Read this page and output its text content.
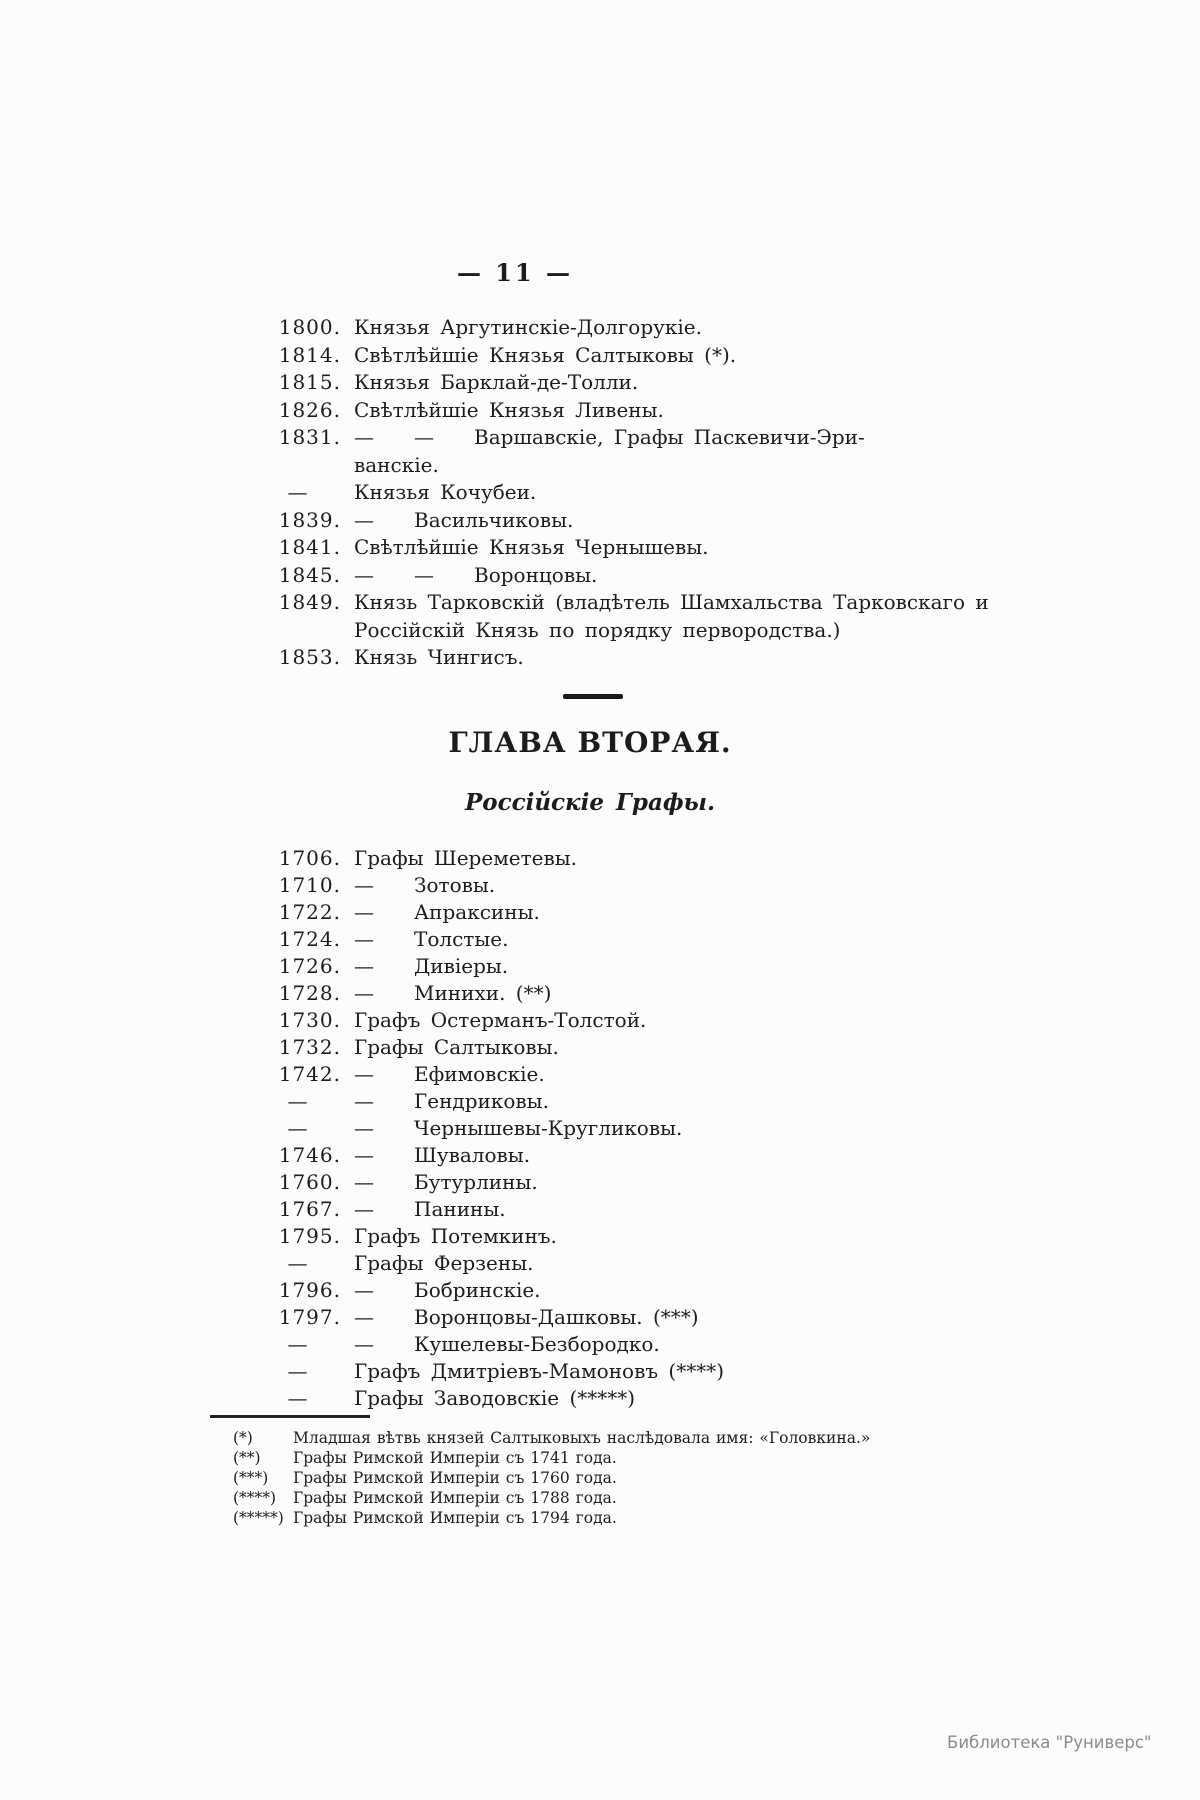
— 11 —
1800. Князья Аргутинскіе-Долгорукіе.
1814. Свѣтлѣйшіе Князья Салтыковы (*).
1815. Князья Барклай-де-Толли.
1826. Свѣтлѣйшіе Князья Ливены.
1831. —  —  Варшавскіе, Графы Паскевичи-Эри-
ванскіе.
— Князья Кочубеи.
1839. —  Васильчиковы.
1841. Свѣтлѣйшіе Князья Чернышевы.
1845. —  —  Воронцовы.
1849. Князь Тарковскій (владѣтель Шамхальства Тарковскаго и
Россійскій Князь по порядку первородства.)
1853. Князь Чингисъ.
ГЛАВА ВТОРАЯ.
Россійскіе Графы.
1706. Графы Шереметевы.
1710. —  Зотовы.
1722. —  Апраксины.
1724. —  Толстые.
1726. —  Дивіеры.
1728. —  Минихи. (**)
1730. Графъ Остерманъ-Толстой.
1732. Графы Салтыковы.
1742. —  Ефимовскіе.
— —  Гендриковы.
— —  Чернышевы-Кругликовы.
1746. —  Шуваловы.
1760. —  Бутурлины.
1767. —  Панины.
1795. Графъ Потемкинъ.
— Графы Ферзены.
1796. —  Бобринскіе.
1797. —  Воронцовы-Дашковы. (***)
— —  Кушелевы-Безбородко.
— Графъ Дмитріевъ-Мамоновъ (****)
— Графы Заводовскіе (*****)
(*)	Младшая вѣтвь князей Салтыковыхъ наслѣдовала имя: «Головкина.»
(**)	Графы Римской Имперіи съ 1741 года.
(***)	Графы Римской Имперіи съ 1760 года.
(****)	Графы Римской Имперіи съ 1788 года.
(*****) Графы Римской Имперіи съ 1794 года.
Библиотека "Руниверс"
